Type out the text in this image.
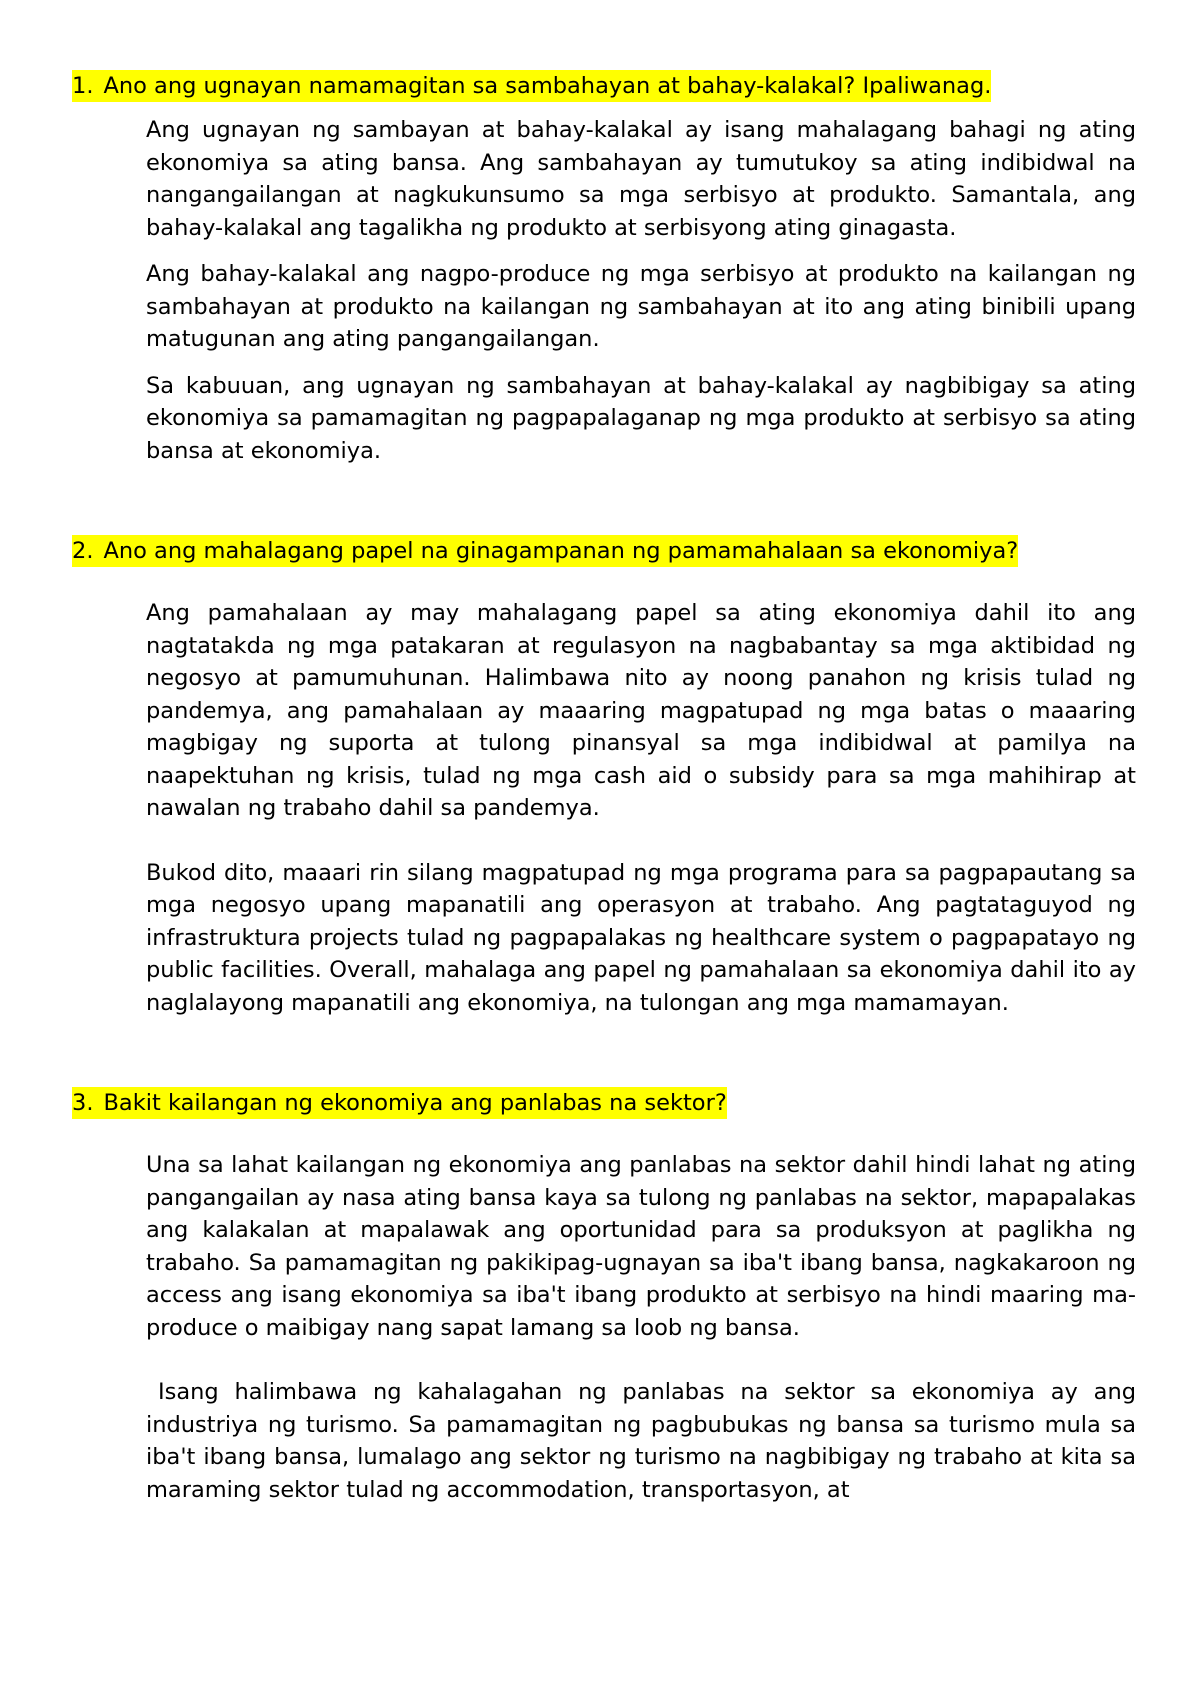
1. Ano ang ugnayan namamagitan sa sambahayan at bahay-kalakal? Ipaliwanag.

Ang ugnayan ng sambayan at bahay-kalakal ay isang mahalagang bahagi ng ating ekonomiya sa ating bansa. Ang sambahayan ay tumutukoy sa ating indibidwal na nangangailangan at nagkukunsumo sa mga serbisyo at produkto. Samantala, ang bahay-kalakal ang tagalikha ng produkto at serbisyong ating ginagasta.

Ang bahay-kalakal ang nagpo-produce ng mga serbisyo at produkto na kailangan ng sambahayan at produkto na kailangan ng sambahayan at ito ang ating binibili upang matugunan ang ating pangangailangan.

Sa kabuuan, ang ugnayan ng sambahayan at bahay-kalakal ay nagbibigay sa ating ekonomiya sa pamamagitan ng pagpapalaganap ng mga produkto at serbisyo sa ating bansa at ekonomiya.

2. Ano ang mahalagang papel na ginagampanan ng pamamahalaan sa ekonomiya?

Ang pamahalaan ay may mahalagang papel sa ating ekonomiya dahil ito ang nagtatakda ng mga patakaran at regulasyon na nagbabantay sa mga aktibidad ng negosyo at pamumuhunan. Halimbawa nito ay noong panahon ng krisis tulad ng pandemya, ang pamahalaan ay maaaring magpatupad ng mga batas o maaaring magbigay ng suporta at tulong pinansyal sa mga indibidwal at pamilya na naapektuhan ng krisis, tulad ng mga cash aid o subsidy para sa mga mahihirap at nawalan ng trabaho dahil sa pandemya.

Bukod dito, maaari rin silang magpatupad ng mga programa para sa pagpapautang sa mga negosyo upang mapanatili ang operasyon at trabaho. Ang pagtataguyod ng infrastruktura projects tulad ng pagpapalakas ng healthcare system o pagpapatayo ng public facilities. Overall, mahalaga ang papel ng pamahalaan sa ekonomiya dahil ito ay naglalayong mapanatili ang ekonomiya, na tulongan ang mga mamamayan.

3. Bakit kailangan ng ekonomiya ang panlabas na sektor?

Una sa lahat kailangan ng ekonomiya ang panlabas na sektor dahil hindi lahat ng ating pangangailan ay nasa ating bansa kaya sa tulong ng panlabas na sektor, mapapalakas ang kalakalan at mapalawak ang oportunidad para sa produksyon at paglikha ng trabaho. Sa pamamagitan ng pakikipag-ugnayan sa iba't ibang bansa, nagkakaroon ng access ang isang ekonomiya sa iba't ibang produkto at serbisyo na hindi maaring ma-produce o maibigay nang sapat lamang sa loob ng bansa.

Isang halimbawa ng kahalagahan ng panlabas na sektor sa ekonomiya ay ang industriya ng turismo. Sa pamamagitan ng pagbubukas ng bansa sa turismo mula sa iba't ibang bansa, lumalago ang sektor ng turismo na nagbibigay ng trabaho at kita sa maraming sektor tulad ng accommodation, transportasyon, at
